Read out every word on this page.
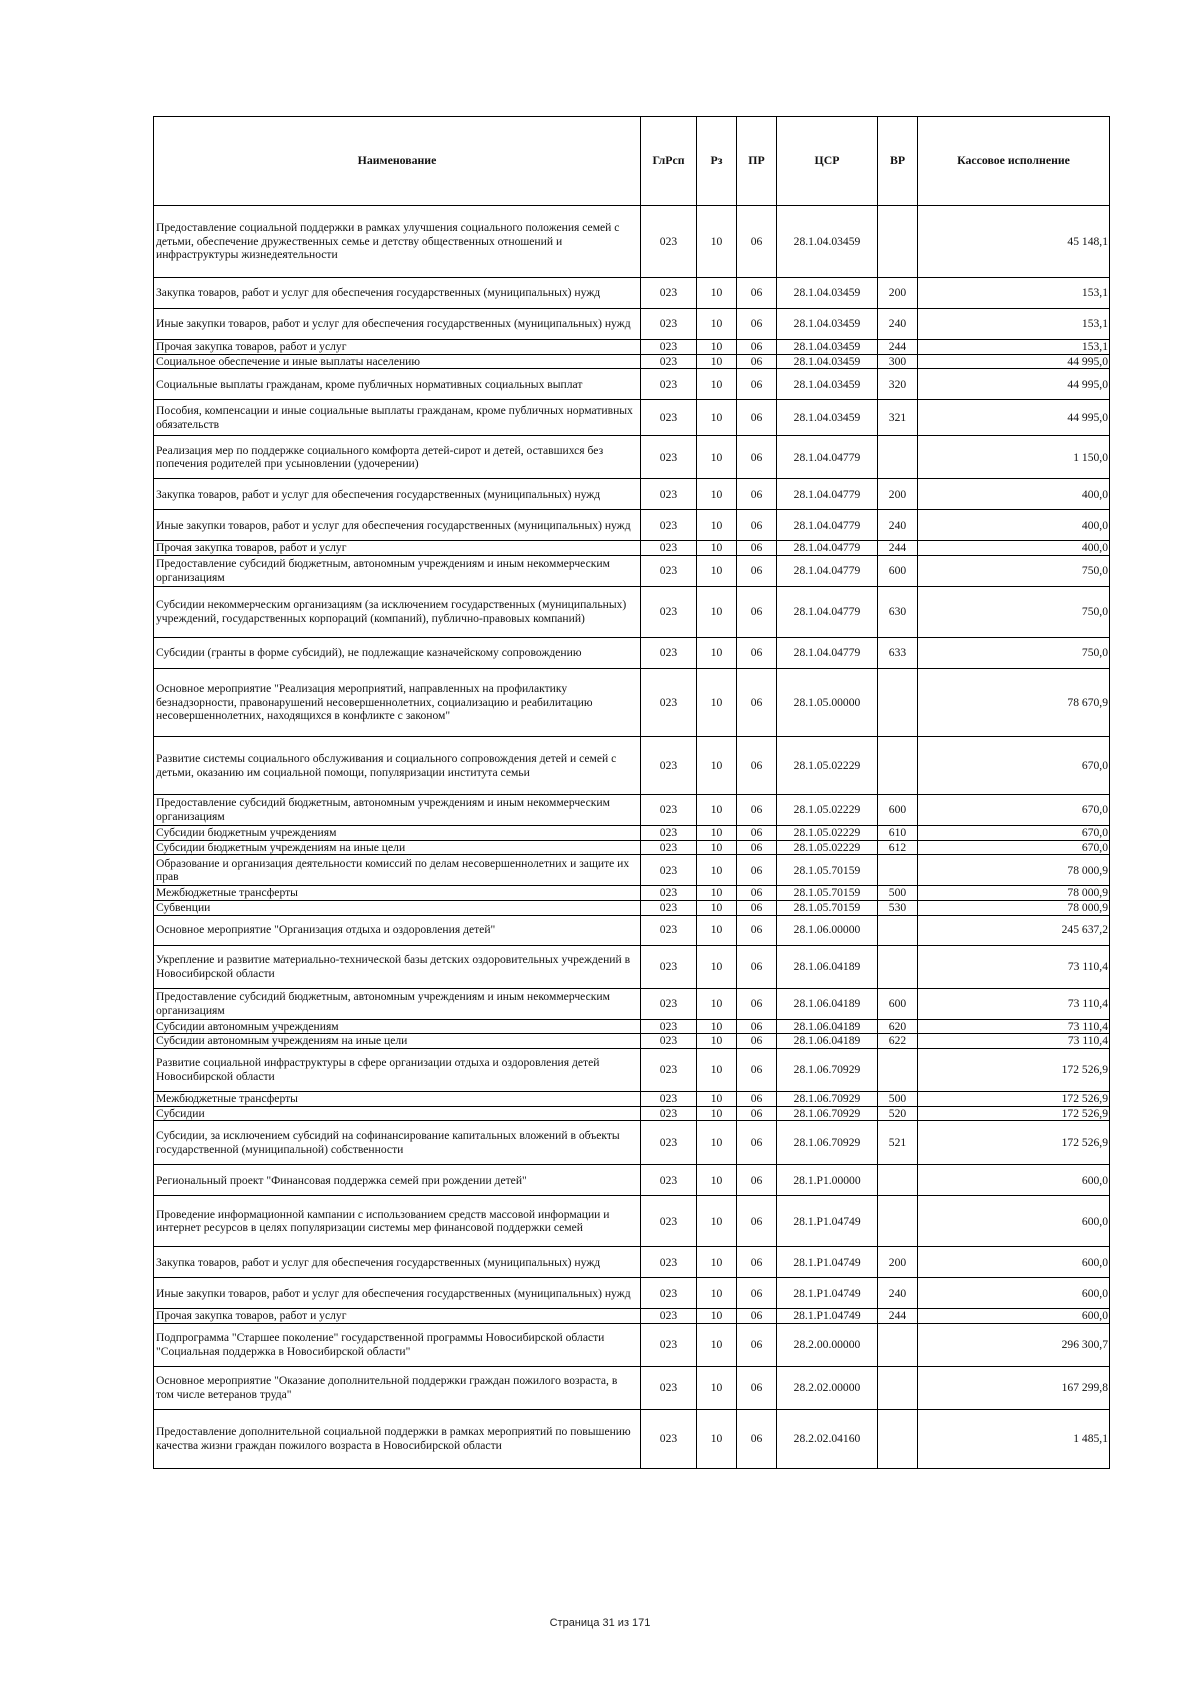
Наименование	ГлРсп	Рз	ПР	ЦСР	ВР	Кассовое исполнение
Предоставление социальной поддержки в рамках улучшения социального положения семей с детьми, обеспечение дружественных семье и детству общественных отношений и инфраструктуры жизнедеятельности	023	10	06	28.1.04.03459		45 148,1
Закупка товаров, работ и услуг для обеспечения государственных (муниципальных) нужд	023	10	06	28.1.04.03459	200	153,1
Иные закупки товаров, работ и услуг для обеспечения государственных (муниципальных) нужд	023	10	06	28.1.04.03459	240	153,1
Прочая закупка товаров, работ и услуг	023	10	06	28.1.04.03459	244	153,1
Социальное обеспечение и иные выплаты населению	023	10	06	28.1.04.03459	300	44 995,0
Социальные выплаты гражданам, кроме публичных нормативных социальных выплат	023	10	06	28.1.04.03459	320	44 995,0
Пособия, компенсации и иные социальные выплаты гражданам, кроме публичных нормативных обязательств	023	10	06	28.1.04.03459	321	44 995,0
Реализация мер по поддержке социального комфорта детей-сирот и детей, оставшихся без попечения родителей при усыновлении (удочерении)	023	10	06	28.1.04.04779		1 150,0
Закупка товаров, работ и услуг для обеспечения государственных (муниципальных) нужд	023	10	06	28.1.04.04779	200	400,0
Иные закупки товаров, работ и услуг для обеспечения государственных (муниципальных) нужд	023	10	06	28.1.04.04779	240	400,0
Прочая закупка товаров, работ и услуг	023	10	06	28.1.04.04779	244	400,0
Предоставление субсидий бюджетным, автономным учреждениям и иным некоммерческим организациям	023	10	06	28.1.04.04779	600	750,0
Субсидии некоммерческим организациям (за исключением государственных (муниципальных) учреждений, государственных корпораций (компаний), публично-правовых компаний)	023	10	06	28.1.04.04779	630	750,0
Субсидии (гранты в форме субсидий), не подлежащие казначейскому сопровождению	023	10	06	28.1.04.04779	633	750,0
Основное мероприятие "Реализация мероприятий, направленных на профилактику безнадзорности, правонарушений несовершеннолетних, социализацию и реабилитацию несовершеннолетних, находящихся в конфликте с законом"	023	10	06	28.1.05.00000		78 670,9
Развитие системы социального обслуживания и социального сопровождения детей и семей с детьми, оказанию им социальной помощи, популяризации института семьи	023	10	06	28.1.05.02229		670,0
Предоставление субсидий бюджетным, автономным учреждениям и иным некоммерческим организациям	023	10	06	28.1.05.02229	600	670,0
Субсидии бюджетным учреждениям	023	10	06	28.1.05.02229	610	670,0
Субсидии бюджетным учреждениям на иные цели	023	10	06	28.1.05.02229	612	670,0
Образование и организация деятельности комиссий по делам несовершеннолетних и защите их прав	023	10	06	28.1.05.70159		78 000,9
Межбюджетные трансферты	023	10	06	28.1.05.70159	500	78 000,9
Субвенции	023	10	06	28.1.05.70159	530	78 000,9
Основное мероприятие "Организация отдыха и оздоровления детей"	023	10	06	28.1.06.00000		245 637,2
Укрепление и развитие материально-технической базы детских оздоровительных учреждений в Новосибирской области	023	10	06	28.1.06.04189		73 110,4
Предоставление субсидий бюджетным, автономным учреждениям и иным некоммерческим организациям	023	10	06	28.1.06.04189	600	73 110,4
Субсидии автономным учреждениям	023	10	06	28.1.06.04189	620	73 110,4
Субсидии автономным учреждениям на иные цели	023	10	06	28.1.06.04189	622	73 110,4
Развитие социальной инфраструктуры в сфере организации отдыха и оздоровления детей Новосибирской области	023	10	06	28.1.06.70929		172 526,9
Межбюджетные трансферты	023	10	06	28.1.06.70929	500	172 526,9
Субсидии	023	10	06	28.1.06.70929	520	172 526,9
Субсидии, за исключением субсидий на софинансирование капитальных вложений в объекты государственной (муниципальной) собственности	023	10	06	28.1.06.70929	521	172 526,9
Региональный проект "Финансовая поддержка семей при рождении детей"	023	10	06	28.1.P1.00000		600,0
Проведение информационной кампании с использованием средств массовой информации и интернет ресурсов в целях популяризации системы мер финансовой поддержки семей	023	10	06	28.1.P1.04749		600,0
Закупка товаров, работ и услуг для обеспечения государственных (муниципальных) нужд	023	10	06	28.1.P1.04749	200	600,0
Иные закупки товаров, работ и услуг для обеспечения государственных (муниципальных) нужд	023	10	06	28.1.P1.04749	240	600,0
Прочая закупка товаров, работ и услуг	023	10	06	28.1.P1.04749	244	600,0
Подпрограмма "Старшее поколение" государственной программы Новосибирской области "Социальная поддержка в Новосибирской области"	023	10	06	28.2.00.00000		296 300,7
Основное мероприятие "Оказание дополнительной поддержки граждан пожилого возраста, в том числе ветеранов труда"	023	10	06	28.2.02.00000		167 299,8
Предоставление дополнительной социальной поддержки в рамках мероприятий по повышению качества жизни граждан пожилого возраста в Новосибирской области	023	10	06	28.2.02.04160		1 485,1
Страница 31 из 171
